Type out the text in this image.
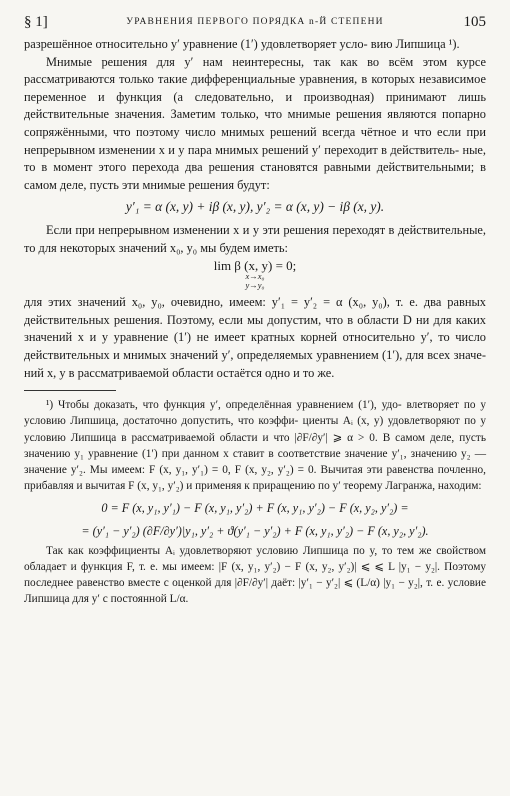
§ 1]	УРАВНЕНИЯ ПЕРВОГО ПОРЯДКА n-Й СТЕПЕНИ	105

разрешённое относительно y′ уравнение (1′) удовлетворяет усло- вию Липшица ¹).

Мнимые решения для y′ нам неинтересны, так как во всём этом курсе рассматриваются только такие дифференциальные уравнения, в которых независимое переменное и функция (а следовательно, и производная) принимают лишь действительные значения. Заметим только, что мнимые решения являются попарно сопряжёнными, что поэтому число мнимых решений всегда чётное и что если при непрерывном изменении x и y пара мнимых решений y′ переходит в действитель- ные, то в момент этого перехода два решения становятся равными действительными; в самом деле, пусть эти мнимые решения будут:

y′₁ = α (x, y) + iβ (x, y), y′₂ = α (x, y) − iβ (x, y).

Если при непрерывном изменении x и y эти решения переходят в действительные, то для некоторых значений x₀, y₀ мы будем иметь:

lim β (x, y) = 0;
x→x₀
y→y₀

для этих значений x₀, y₀, очевидно, имеем: y′₁ = y′₂ = α (x₀, y₀), т. е. два равных действительных решения. Поэтому, если мы допустим, что в области D ни для каких значений x и y уравнение (1′) не имеет кратных корней относительно y′, то число действительных и мнимых значений y′, определяемых уравнением (1′), для всех значе- ний x, y в рассматриваемой области остаётся одно и то же.

¹) Чтобы доказать, что функция y′, определённая уравнением (1′), удо- влетворяет по y условию Липшица, достаточно допустить, что коэффи- циенты Aᵢ (x, y) удовлетворяют по y условию Липшица в рассматриваемой области и что |∂F/∂y′| ⩾ α > 0. В самом деле, пусть значению y₁ уравнение (1′) при данном x ставит в соответствие значение y′₁, значению y₂ — значение y′₂. Мы имеем: F (x, y₁, y′₁) = 0, F (x, y₂, y′₂) = 0. Вычитая эти равенства почленно, прибавляя и вычитая F (x, y₁, y′₂) и применяя к приращению по y′ теорему Лагранжа, находим:

0 = F (x, y₁, y′₁) − F (x, y₁, y′₂) + F (x, y₁, y′₂) − F (x, y₂, y′₂) =
= (y′₁ − y′₂) (∂F/∂y′)|y₁, y′₂ + ϑ(y′₁ − y′₂) + F (x, y₁, y′₂) − F (x, y₂, y′₂).

Так как коэффициенты Aᵢ удовлетворяют условию Липшица по y, то тем же свойством обладает и функция F, т. е. мы имеем: |F (x, y₁, y′₂) − F (x, y₂, y′₂)| ⩽ ⩽ L |y₁ − y₂|. Поэтому последнее равенство вместе с оценкой для |∂F/∂y′| даёт: |y′₁ − y′₂| ⩽ (L/α) |y₁ − y₂|, т. е. условие Липшица для y′ с постоянной L/α.
